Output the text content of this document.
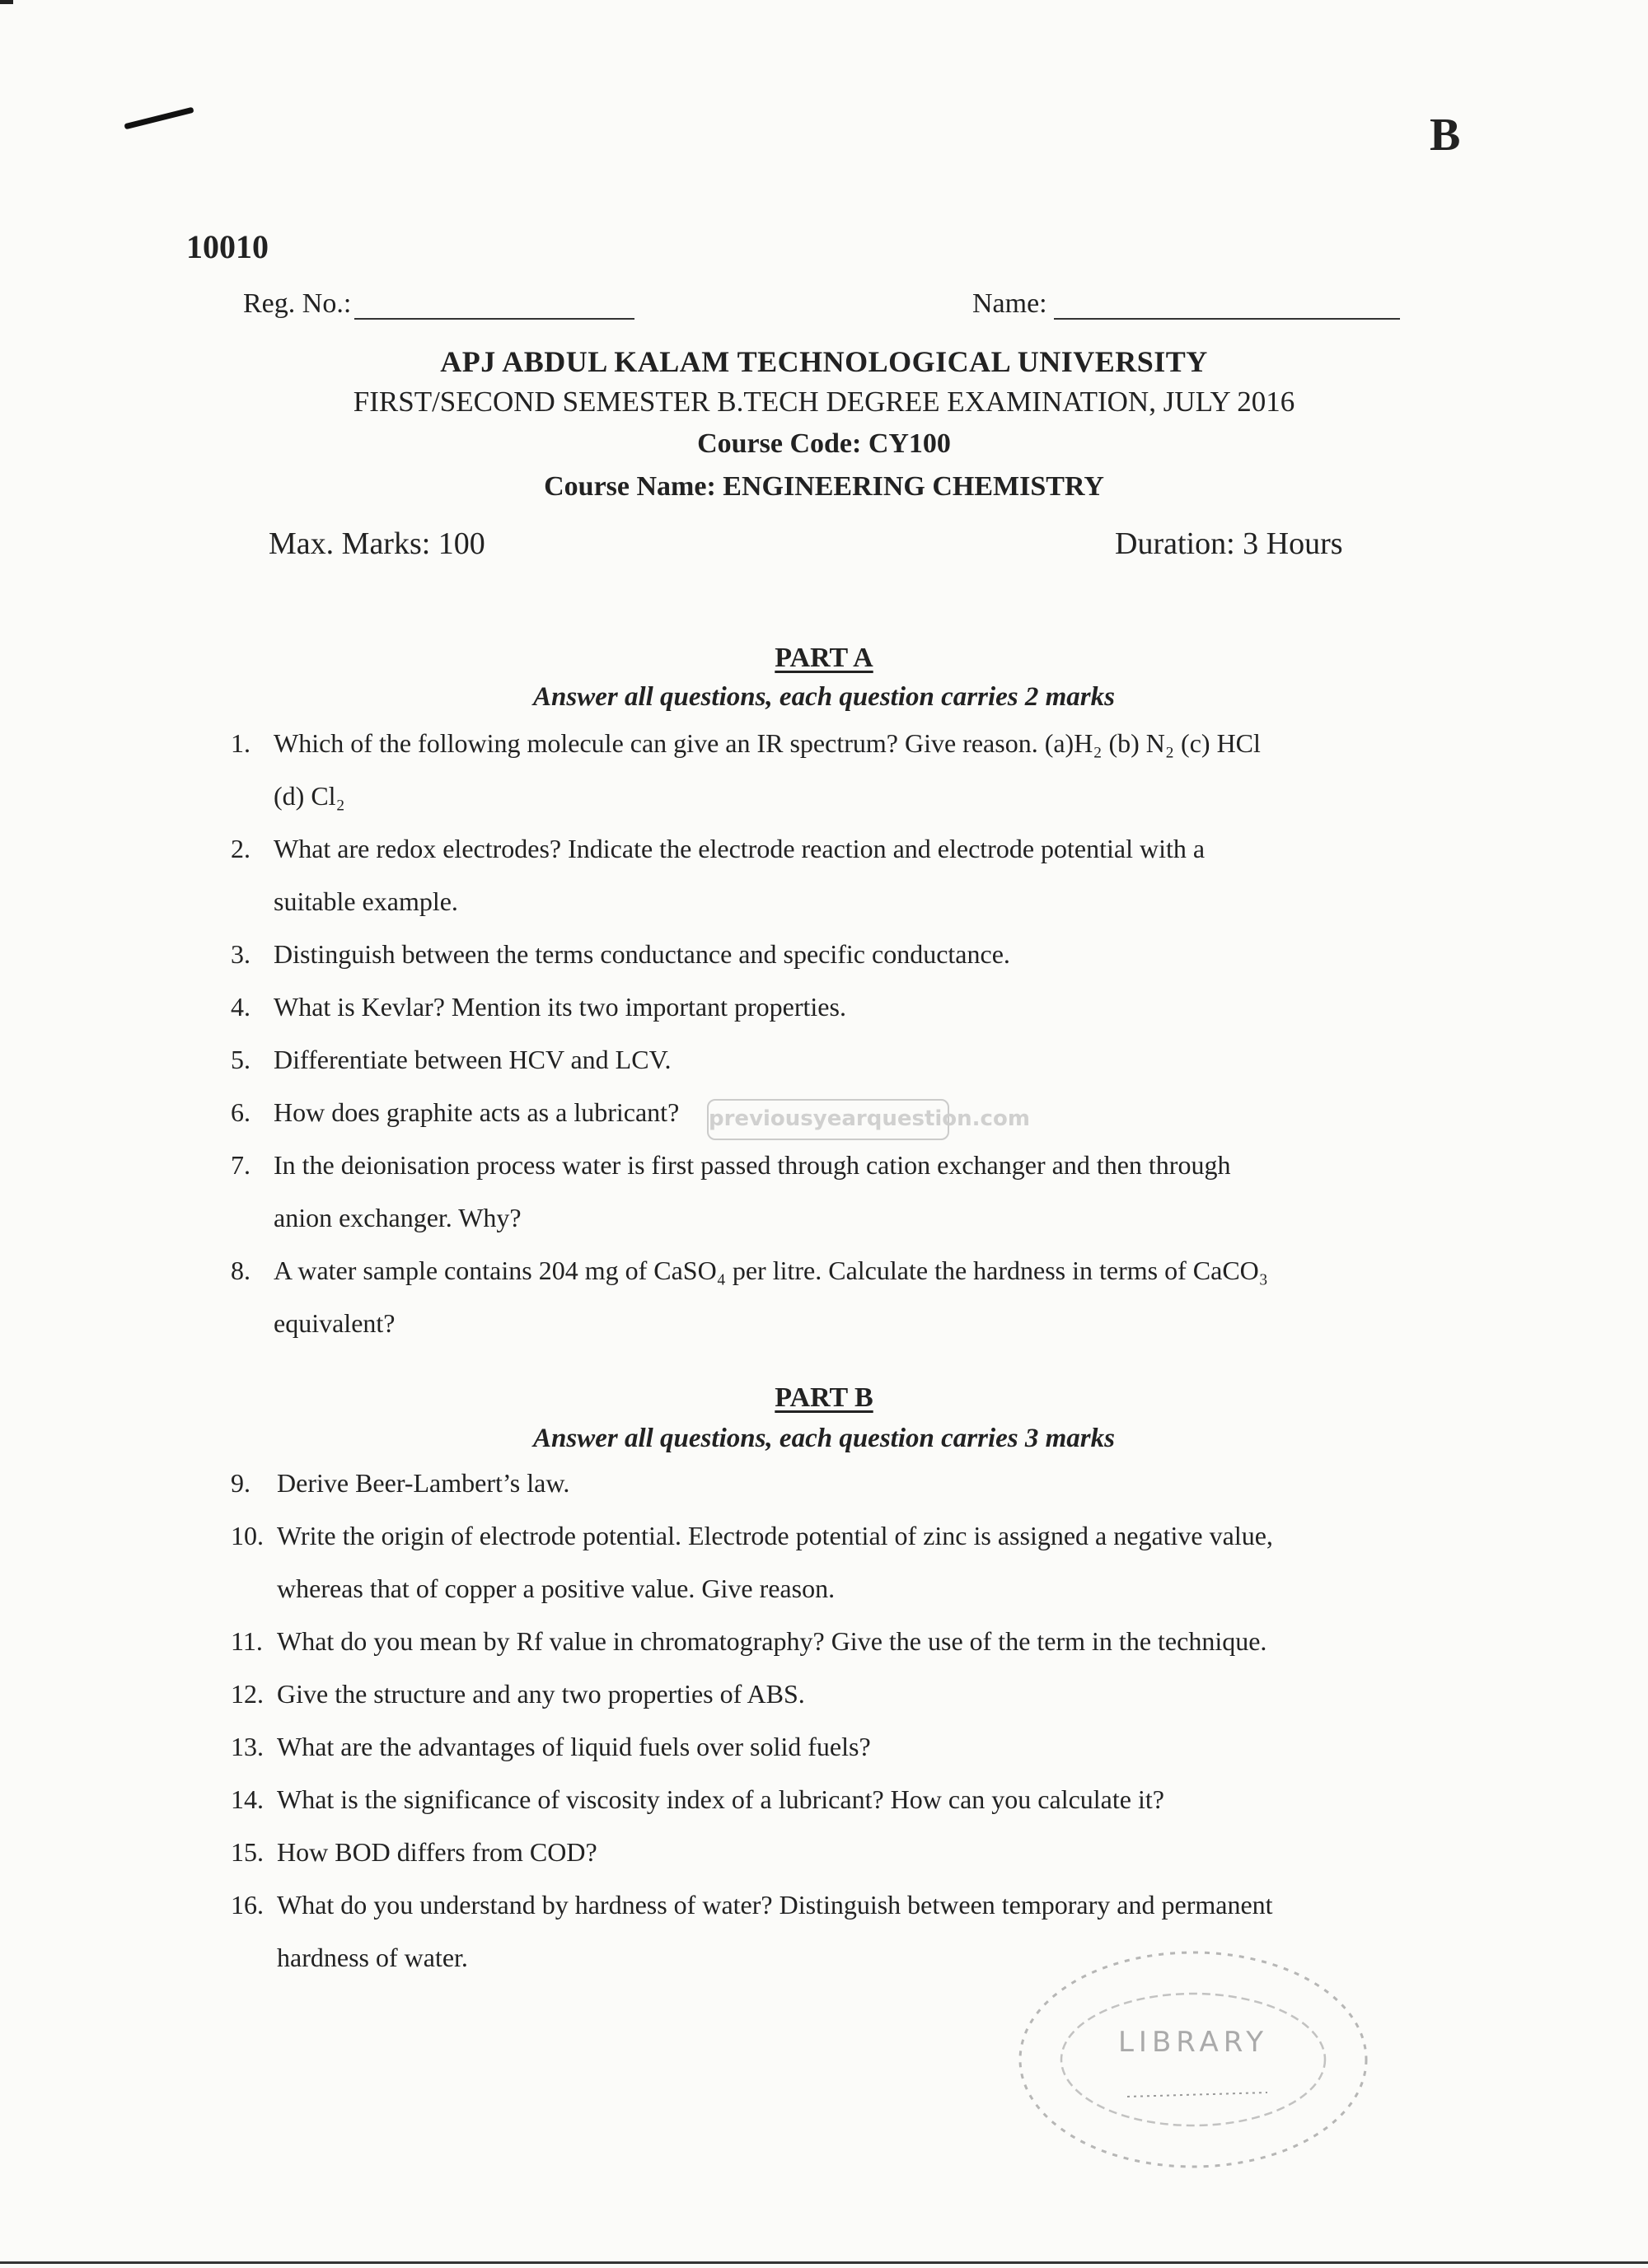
B
10010
Reg. No.:	Name:
APJ ABDUL KALAM TECHNOLOGICAL UNIVERSITY
FIRST/SECOND SEMESTER B.TECH DEGREE EXAMINATION, JULY 2016
Course Code: CY100
Course Name: ENGINEERING CHEMISTRY
Max. Marks: 100	Duration: 3 Hours
PART A
Answer all questions, each question carries 2 marks
1. Which of the following molecule can give an IR spectrum? Give reason. (a)H₂ (b) N₂ (c) HCl
(d) Cl₂
2. What are redox electrodes? Indicate the electrode reaction and electrode potential with a
suitable example.
3. Distinguish between the terms conductance and specific conductance.
4. What is Kevlar? Mention its two important properties.
5. Differentiate between HCV and LCV.
6. How does graphite acts as a lubricant?
7. In the deionisation process water is first passed through cation exchanger and then through
anion exchanger. Why?
8. A water sample contains 204 mg of CaSO₄ per litre. Calculate the hardness in terms of CaCO₃
equivalent?
previousyearquestion.com
PART B
Answer all questions, each question carries 3 marks
9.	Derive Beer-Lambert’s law.
10. Write the origin of electrode potential. Electrode potential of zinc is assigned a negative value,
whereas that of copper a positive value. Give reason.
11. What do you mean by Rf value in chromatography? Give the use of the term in the technique.
12. Give the structure and any two properties of ABS.
13. What are the advantages of liquid fuels over solid fuels?
14. What is the significance of viscosity index of a lubricant? How can you calculate it?
15. How BOD differs from COD?
16. What do you understand by hardness of water? Distinguish between temporary and permanent
hardness of water.
LIBRARY
